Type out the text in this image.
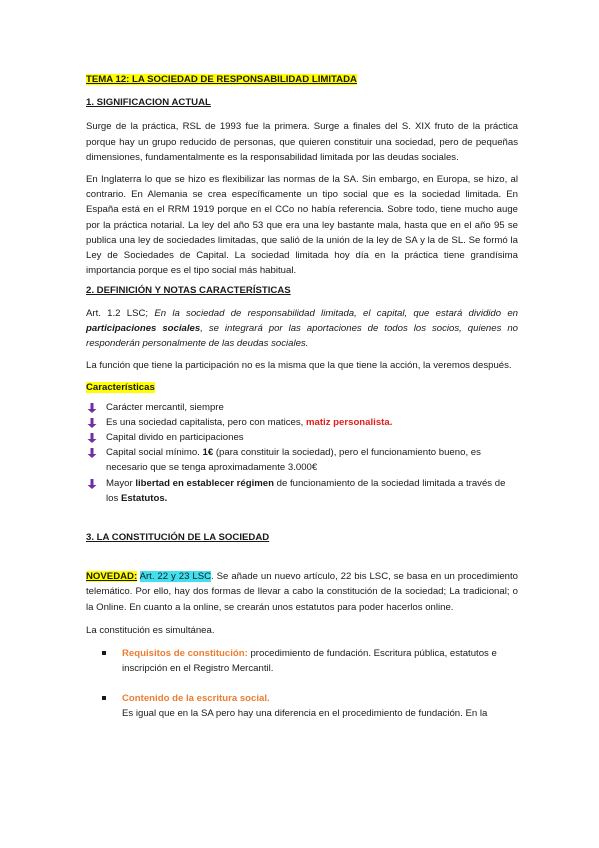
TEMA 12: LA SOCIEDAD DE RESPONSABILIDAD LIMITADA

1. SIGNIFICACION ACTUAL

Surge de la práctica, RSL de 1993 fue la primera. Surge a finales del S. XIX fruto de la práctica porque hay un grupo reducido de personas, que quieren constituir una sociedad, pero de pequeñas dimensiones, fundamentalmente es la responsabilidad limitada por las deudas sociales.

En Inglaterra lo que se hizo es flexibilizar las normas de la SA. Sin embargo, en Europa, se hizo, al contrario. En Alemania se crea específicamente un tipo social que es la sociedad limitada. En España está en el RRM 1919 porque en el CCo no había referencia. Sobre todo, tiene mucho auge por la práctica notarial. La ley del año 53 que era una ley bastante mala, hasta que en el año 95 se publica una ley de sociedades limitadas, que salió de la unión de la ley de SA y la de SL. Se formó la Ley de Sociedades de Capital. La sociedad limitada hoy día en la práctica tiene grandísima importancia porque es el tipo social más habitual.

2. DEFINICIÓN Y NOTAS CARACTERÍSTICAS

Art. 1.2 LSC; En la sociedad de responsabilidad limitada, el capital, que estará dividido en participaciones sociales, se integrará por las aportaciones de todos los socios, quienes no responderán personalmente de las deudas sociales.

La función que tiene la participación no es la misma que la que tiene la acción, la veremos después.

Características

Carácter mercantil, siempre
Es una sociedad capitalista, pero con matices, matiz personalista.
Capital divido en participaciones
Capital social mínimo. 1€ (para constituir la sociedad), pero el funcionamiento bueno, es necesario que se tenga aproximadamente 3.000€
Mayor libertad en establecer régimen de funcionamiento de la sociedad limitada a través de los Estatutos.

3. LA CONSTITUCIÓN DE LA SOCIEDAD

NOVEDAD: Art. 22 y 23 LSC. Se añade un nuevo artículo, 22 bis LSC, se basa en un procedimiento telemático. Por ello, hay dos formas de llevar a cabo la constitución de la sociedad; La tradicional; o la Online. En cuanto a la online, se crearán unos estatutos para poder hacerlos online.

La constitución es simultánea.

Requisitos de constitución: procedimiento de fundación. Escritura pública, estatutos e inscripción en el Registro Mercantil.
Contenido de la escritura social.
Es igual que en la SA pero hay una diferencia en el procedimiento de fundación. En la
